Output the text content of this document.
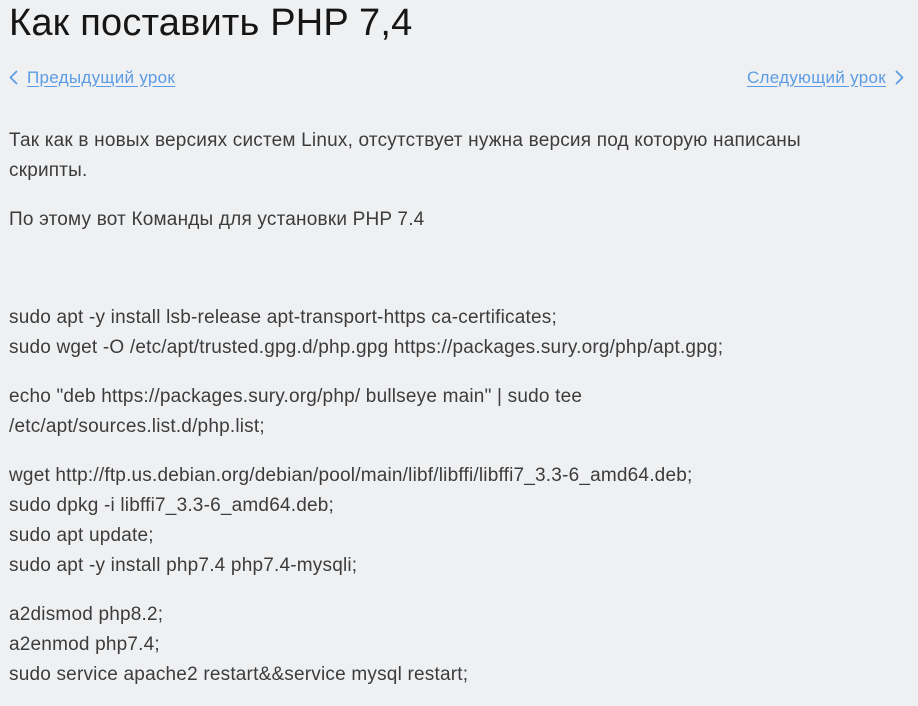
Как поставить PHP 7,4
Предыдущий урок	Следующий урок
Так как в новых версиях систем Linux, отсутствует нужна версия под которую написаны
скрипты.
По этому вот Команды для установки PHP 7.4
sudo apt -y install lsb-release apt-transport-https ca-certificates;
sudo wget -O /etc/apt/trusted.gpg.d/php.gpg https://packages.sury.org/php/apt.gpg;
echo "deb https://packages.sury.org/php/ bullseye main" | sudo tee
/etc/apt/sources.list.d/php.list;
wget http://ftp.us.debian.org/debian/pool/main/libf/libffi/libffi7_3.3-6_amd64.deb;
sudo dpkg -i libffi7_3.3-6_amd64.deb;
sudo apt update;
sudo apt -y install php7.4 php7.4-mysqli;
a2dismod php8.2;
a2enmod php7.4;
sudo service apache2 restart&&service mysql restart;
